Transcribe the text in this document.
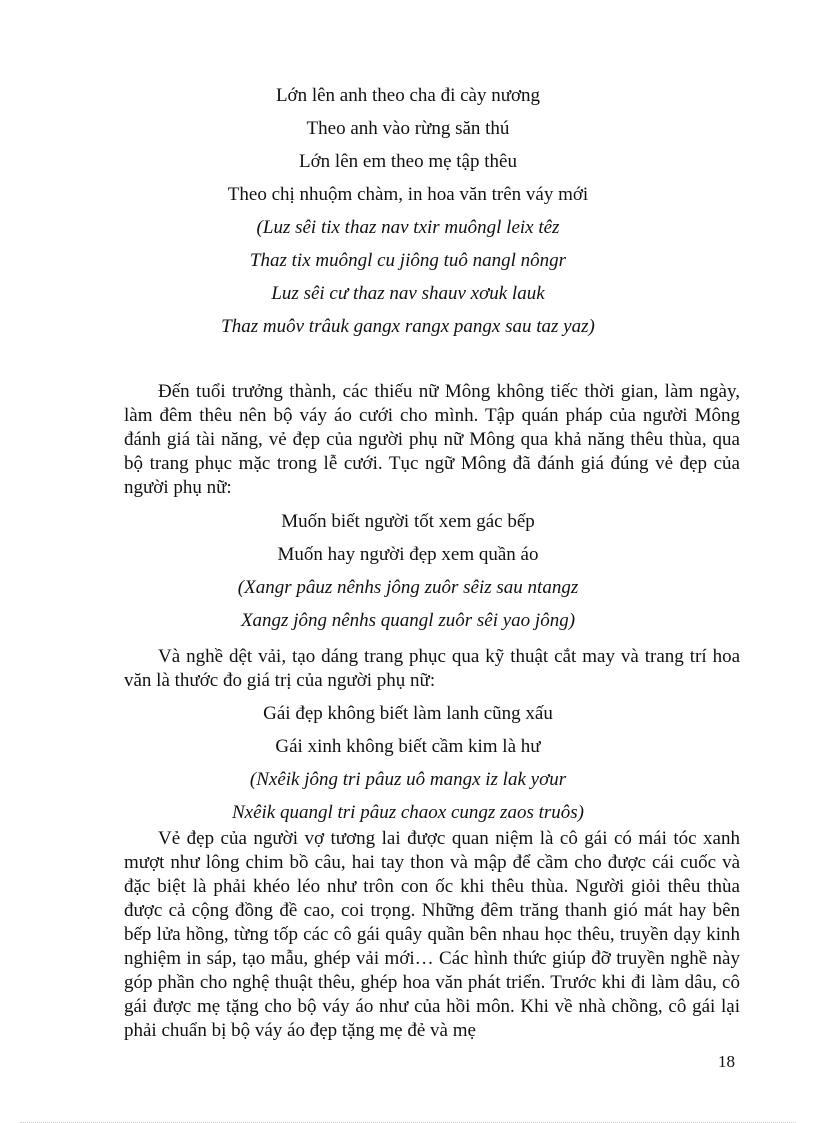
Lớn lên anh theo cha đi cày nương
Theo anh vào rừng săn thú
Lớn lên em theo mẹ tập thêu
Theo chị nhuộm chàm, in hoa văn trên váy mới
(Luz sêi tix thaz nav txir muôngl leix têz
Thaz tix muôngl cu jiông tuô nangl nôngr
Luz sêi cư thaz nav shauv xơuk lauk
Thaz muôv trâuk gangx rangx pangx sau taz yaz)

Đến tuổi trưởng thành, các thiếu nữ Mông không tiếc thời gian, làm ngày, làm đêm thêu nên bộ váy áo cưới cho mình. Tập quán pháp của người Mông đánh giá tài năng, vẻ đẹp của người phụ nữ Mông qua khả năng thêu thùa, qua bộ trang phục mặc trong lễ cưới. Tục ngữ Mông đã đánh giá đúng vẻ đẹp của người phụ nữ:

Muốn biết người tốt xem gác bếp
Muốn hay người đẹp xem quần áo
(Xangr pâuz nênhs jông zuôr sêiz sau ntangz
Xangz jông nênhs quangl zuôr sêi yao jông)

Và nghề dệt vải, tạo dáng trang phục qua kỹ thuật cắt may và trang trí hoa văn là thước đo giá trị của người phụ nữ:

Gái đẹp không biết làm lanh cũng xấu
Gái xinh không biết cầm kim là hư
(Nxêik jông tri pâuz uô mangx iz lak yơur
Nxêik quangl tri pâuz chaox cungz zaos truôs)

Vẻ đẹp của người vợ tương lai được quan niệm là cô gái có mái tóc xanh mượt như lông chim bồ câu, hai tay thon và mập để cầm cho được cái cuốc và đặc biệt là phải khéo léo như trôn con ốc khi thêu thùa. Người giỏi thêu thùa được cả cộng đồng đề cao, coi trọng. Những đêm trăng thanh gió mát hay bên bếp lửa hồng, từng tốp các cô gái quây quần bên nhau học thêu, truyền dạy kinh nghiệm in sáp, tạo mẫu, ghép vải mới… Các hình thức giúp đỡ truyền nghề này góp phần cho nghệ thuật thêu, ghép hoa văn phát triển. Trước khi đi làm dâu, cô gái được mẹ tặng cho bộ váy áo như của hồi môn. Khi về nhà chồng, cô gái lại phải chuẩn bị bộ váy áo đẹp tặng mẹ đẻ và mẹ

18
